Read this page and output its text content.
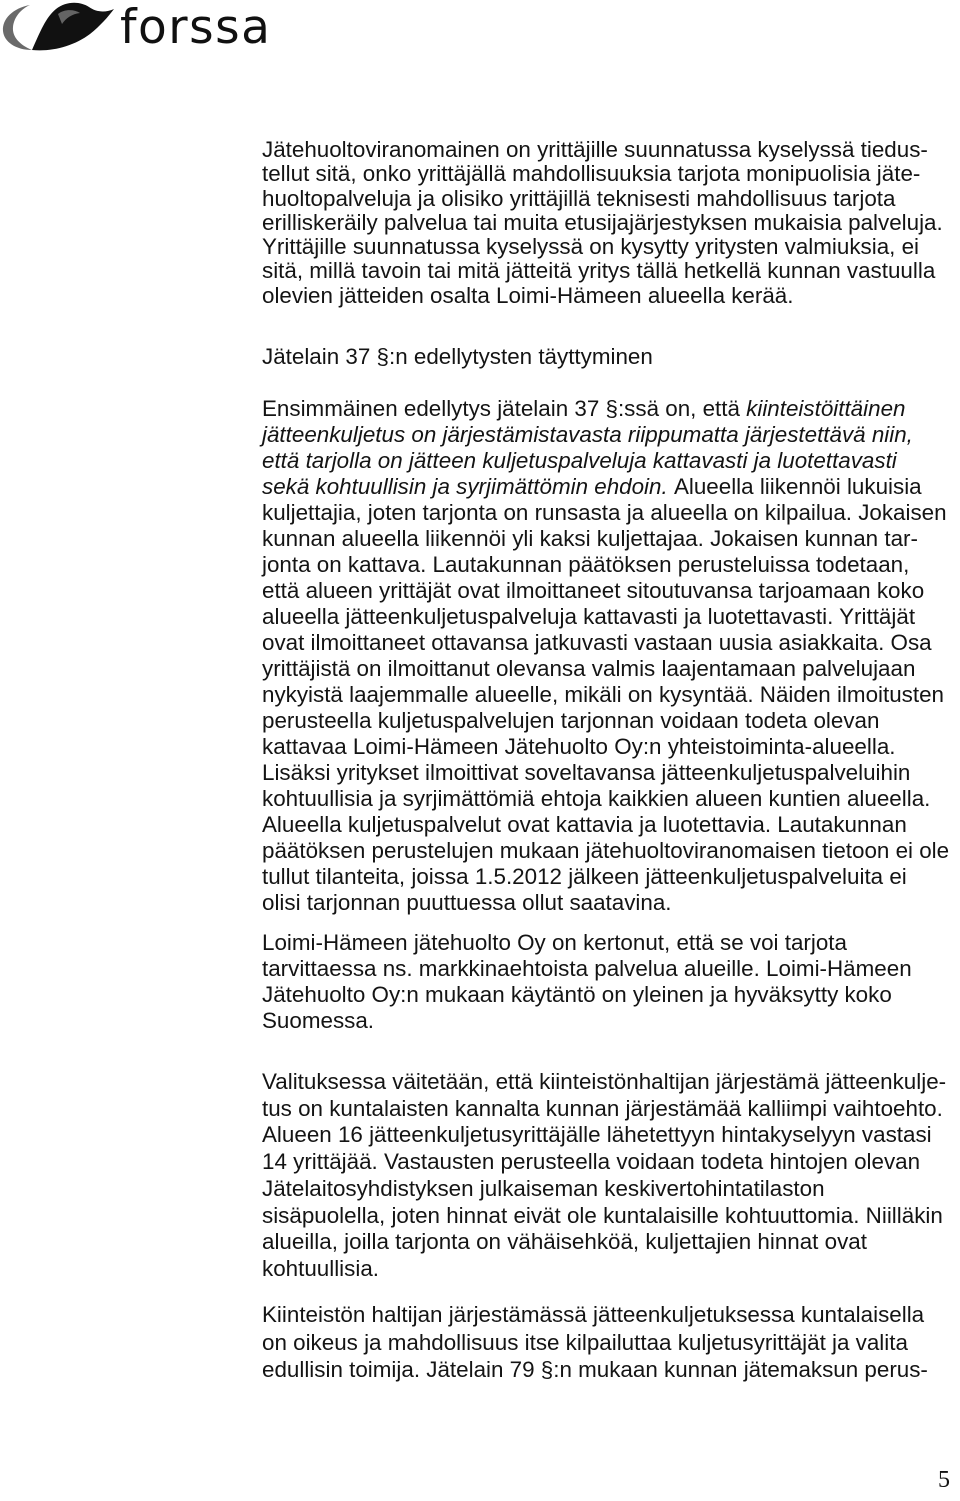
forssa
Jätehuoltoviranomainen on yrittäjille suunnatussa kyselyssä tiedus-
tellut sitä, onko yrittäjällä mahdollisuuksia tarjota monipuolisia jäte-
huoltopalveluja ja olisiko yrittäjillä teknisesti mahdollisuus tarjota
erilliskeräily palvelua tai muita etusijajärjestyksen mukaisia palveluja.
Yrittäjille suunnatussa kyselyssä on kysytty yritysten valmiuksia, ei
sitä, millä tavoin tai mitä jätteitä yritys tällä hetkellä kunnan vastuulla
olevien jätteiden osalta Loimi-Hämeen alueella kerää.
Jätelain 37 §:n edellytysten täyttyminen
Ensimmäinen edellytys jätelain 37 §:ssä on, että kiinteistöittäinen
jätteenkuljetus on järjestämistavasta riippumatta järjestettävä niin,
että tarjolla on jätteen kuljetuspalveluja kattavasti ja luotettavasti
sekä kohtuullisin ja syrjimättömin ehdoin. Alueella liikennöi lukuisia
kuljettajia, joten tarjonta on runsasta ja alueella on kilpailua. Jokaisen
kunnan alueella liikennöi yli kaksi kuljettajaa. Jokaisen kunnan tar-
jonta on kattava. Lautakunnan päätöksen perusteluissa todetaan,
että alueen yrittäjät ovat ilmoittaneet sitoutuvansa tarjoamaan koko
alueella jätteenkuljetuspalveluja kattavasti ja luotettavasti. Yrittäjät
ovat ilmoittaneet ottavansa jatkuvasti vastaan uusia asiakkaita. Osa
yrittäjistä on ilmoittanut olevansa valmis laajentamaan palvelujaan
nykyistä laajemmalle alueelle, mikäli on kysyntää. Näiden ilmoitusten
perusteella kuljetuspalvelujen tarjonnan voidaan todeta olevan
kattavaa Loimi-Hämeen Jätehuolto Oy:n yhteistoiminta-alueella.
Lisäksi yritykset ilmoittivat soveltavansa jätteenkuljetuspalveluihin
kohtuullisia ja syrjimättömiä ehtoja kaikkien alueen kuntien alueella.
Alueella kuljetuspalvelut ovat kattavia ja luotettavia. Lautakunnan
päätöksen perustelujen mukaan jätehuoltoviranomaisen tietoon ei ole
tullut tilanteita, joissa 1.5.2012 jälkeen jätteenkuljetuspalveluita ei
olisi tarjonnan puuttuessa ollut saatavina.
Loimi-Hämeen jätehuolto Oy on kertonut, että se voi tarjota
tarvittaessa ns. markkinaehtoista palvelua alueille. Loimi-Hämeen
Jätehuolto Oy:n mukaan käytäntö on yleinen ja hyväksytty koko
Suomessa.
Valituksessa väitetään, että kiinteistönhaltijan järjestämä jätteenkulje-
tus on kuntalaisten kannalta kunnan järjestämää kalliimpi vaihtoehto.
Alueen 16 jätteenkuljetusyrittäjälle lähetettyyn hintakyselyyn vastasi
14 yrittäjää. Vastausten perusteella voidaan todeta hintojen olevan
Jätelaitosyhdistyksen julkaiseman keskivertohintatilaston
sisäpuolella, joten hinnat eivät ole kuntalaisille kohtuuttomia. Niilläkin
alueilla, joilla tarjonta on vähäisehköä, kuljettajien hinnat ovat
kohtuullisia.
Kiinteistön haltijan järjestämässä jätteenkuljetuksessa kuntalaisella
on oikeus ja mahdollisuus itse kilpailuttaa kuljetusyrittäjät ja valita
edullisin toimija. Jätelain 79 §:n mukaan kunnan jätemaksun perus-
5
